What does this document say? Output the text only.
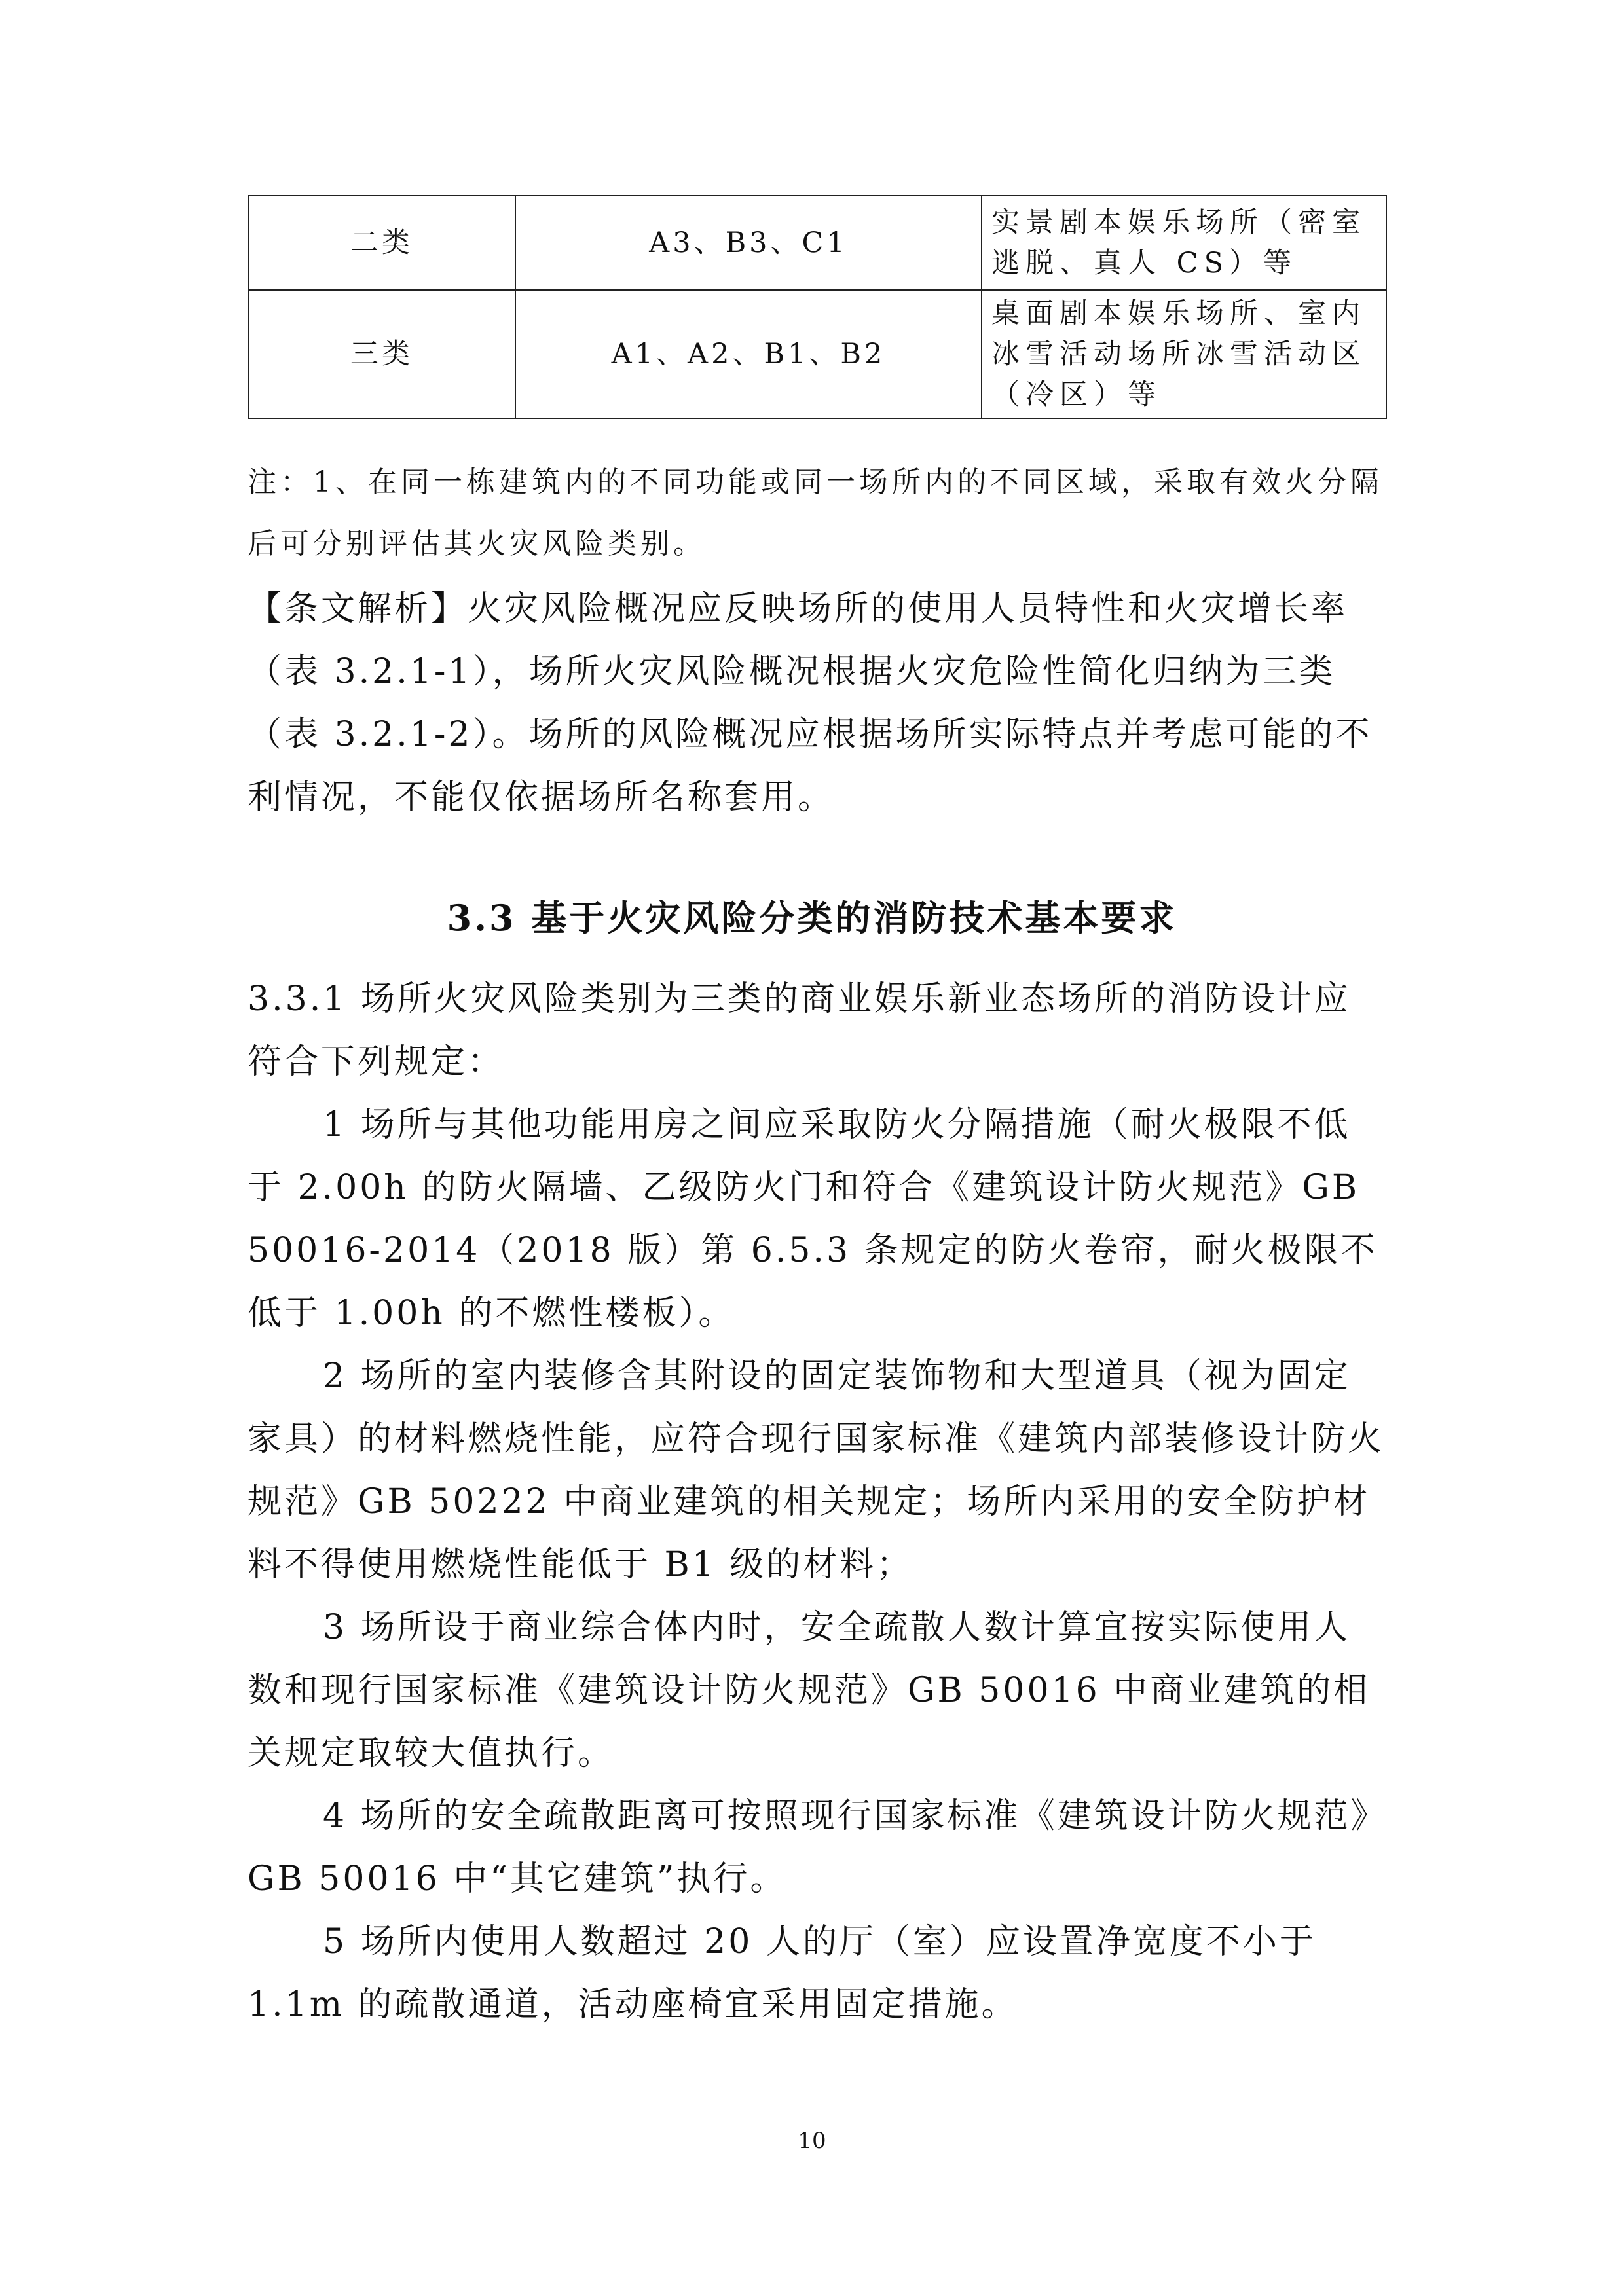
二类	A3、B3、C1	实景剧本娱乐场所（密室逃脱、真人 CS）等
三类	A1、A2、B1、B2	桌面剧本娱乐场所、室内冰雪活动场所冰雪活动区（冷区）等

注：1、在同一栋建筑内的不同功能或同一场所内的不同区域，采取有效火分隔后可分别评估其火灾风险类别。

【条文解析】火灾风险概况应反映场所的使用人员特性和火灾增长率（表 3.2.1-1），场所火灾风险概况根据火灾危险性简化归纳为三类（表 3.2.1-2）。场所的风险概况应根据场所实际特点并考虑可能的不利情况，不能仅依据场所名称套用。

3.3 基于火灾风险分类的消防技术基本要求

3.3.1 场所火灾风险类别为三类的商业娱乐新业态场所的消防设计应符合下列规定：

1 场所与其他功能用房之间应采取防火分隔措施（耐火极限不低于 2.00h 的防火隔墙、乙级防火门和符合《建筑设计防火规范》GB 50016-2014（2018 版）第 6.5.3 条规定的防火卷帘，耐火极限不低于 1.00h 的不燃性楼板）。

2 场所的室内装修含其附设的固定装饰物和大型道具（视为固定家具）的材料燃烧性能，应符合现行国家标准《建筑内部装修设计防火规范》GB 50222 中商业建筑的相关规定；场所内采用的安全防护材料不得使用燃烧性能低于 B1 级的材料；

3 场所设于商业综合体内时，安全疏散人数计算宜按实际使用人数和现行国家标准《建筑设计防火规范》GB 50016 中商业建筑的相关规定取较大值执行。

4 场所的安全疏散距离可按照现行国家标准《建筑设计防火规范》GB 50016 中“其它建筑”执行。

5 场所内使用人数超过 20 人的厅（室）应设置净宽度不小于 1.1m 的疏散通道，活动座椅宜采用固定措施。

10
